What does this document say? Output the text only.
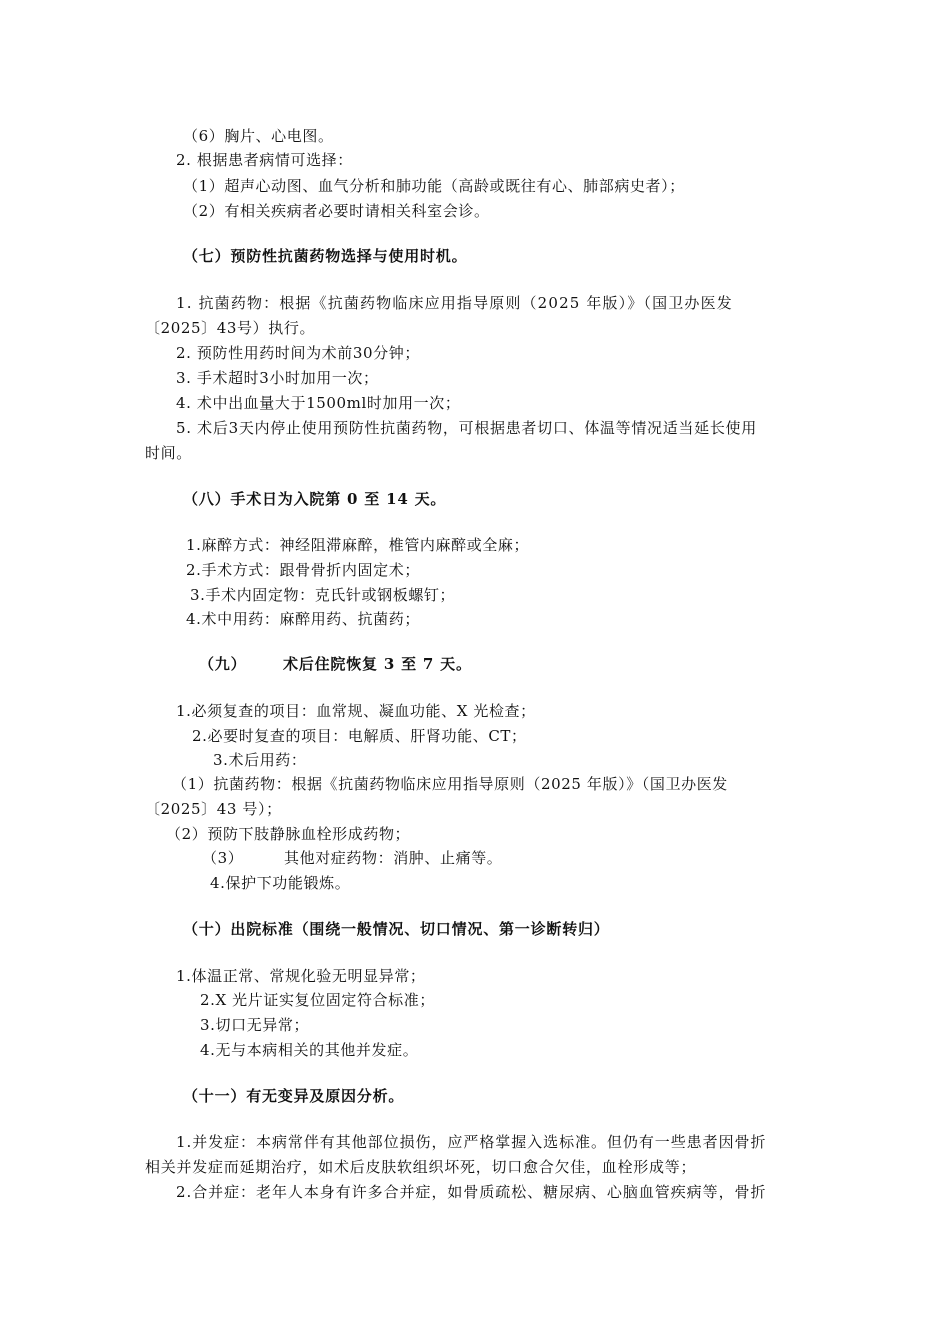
（6）胸片、心电图。
2. 根据患者病情可选择：
（1）超声心动图、血气分析和肺功能（高龄或既往有心、肺部病史者）；
（2）有相关疾病者必要时请相关科室会诊。
（七）预防性抗菌药物选择与使用时机。
1. 抗菌药物：根据《抗菌药物临床应用指导原则（2025 年版）》（国卫办医发
〔2025〕43号）执行。
2. 预防性用药时间为术前30分钟；
3. 手术超时3小时加用一次；
4. 术中出血量大于1500ml时加用一次；
5. 术后3天内停止使用预防性抗菌药物，可根据患者切口、体温等情况适当延长使用
时间。
（八）手术日为入院第 0 至 14 天。
1.麻醉方式：神经阻滞麻醉，椎管内麻醉或全麻；
2.手术方式：跟骨骨折内固定术；
3.手术内固定物：克氏针或钢板螺钉；
4.术中用药：麻醉用药、抗菌药；
（九） 术后住院恢复 3 至 7 天。
1.必须复查的项目：血常规、凝血功能、X 光检查；
2.必要时复查的项目：电解质、肝肾功能、CT；
3.术后用药：
（1）抗菌药物：根据《抗菌药物临床应用指导原则（2025 年版）》（国卫办医发
〔2025〕43 号）；
（2）预防下肢静脉血栓形成药物；
（3）	其他对症药物：消肿、止痛等。
4.保护下功能锻炼。
（十）出院标准（围绕一般情况、切口情况、第一诊断转归）
1.体温正常、常规化验无明显异常；
2.X 光片证实复位固定符合标准；
3.切口无异常；
4.无与本病相关的其他并发症。
（十一）有无变异及原因分析。
1.并发症：本病常伴有其他部位损伤，应严格掌握入选标准。但仍有一些患者因骨折
相关并发症而延期治疗，如术后皮肤软组织坏死，切口愈合欠佳，血栓形成等；
2.合并症：老年人本身有许多合并症，如骨质疏松、糖尿病、心脑血管疾病等，骨折
